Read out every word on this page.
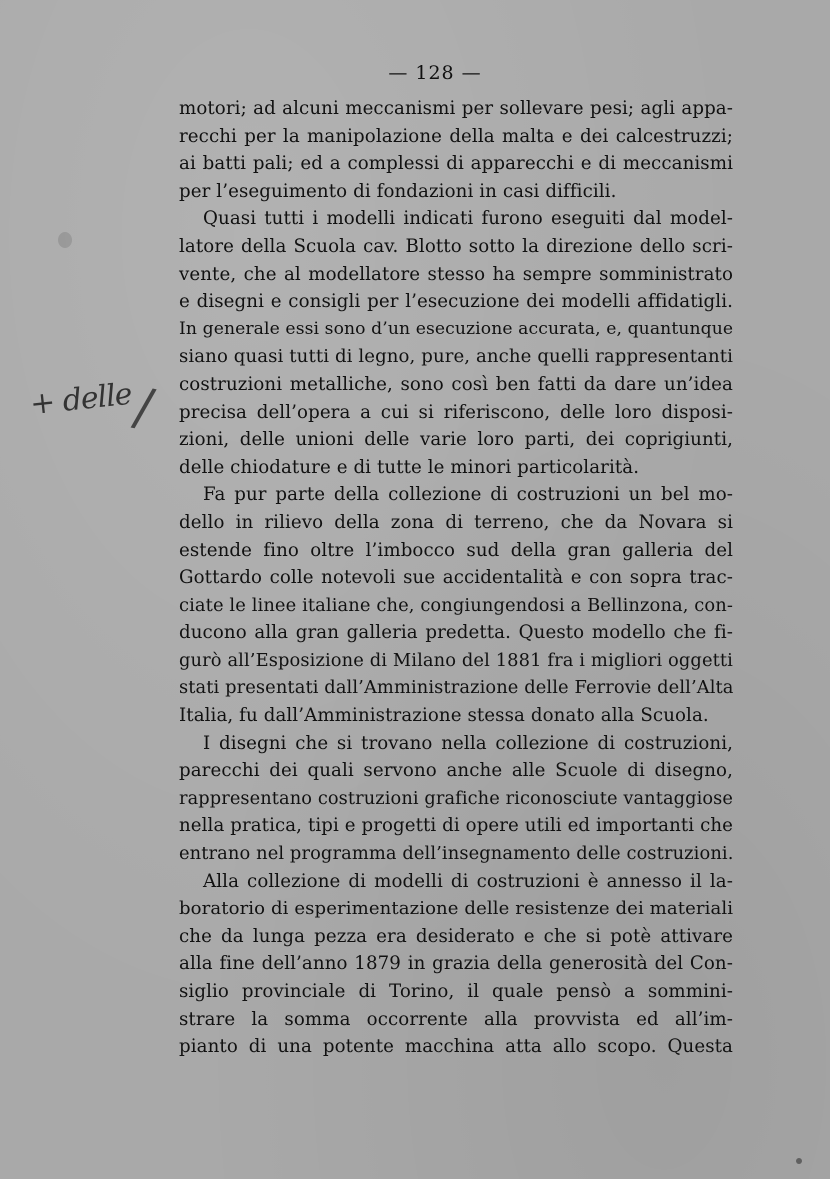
— 128 —
+ delle
/
motori; ad alcuni meccanismi per sollevare pesi; agli appa-
recchi per la manipolazione della malta e dei calcestruzzi;
ai batti pali; ed a complessi di apparecchi e di meccanismi
per l’eseguimento di fondazioni in casi difficili.
Quasi tutti i modelli indicati furono eseguiti dal model-
latore della Scuola cav. Blotto sotto la direzione dello scri-
vente, che al modellatore stesso ha sempre somministrato
e disegni e consigli per l’esecuzione dei modelli affidatigli.
In generale essi sono d’un esecuzione accurata, e, quantunque
siano quasi tutti di legno, pure, anche quelli rappresentanti
costruzioni metalliche, sono così ben fatti da dare un’idea
precisa dell’opera a cui si riferiscono, delle loro disposi-
zioni, delle unioni delle varie loro parti, dei coprigiunti,
delle chiodature e di tutte le minori particolarità.
Fa pur parte della collezione di costruzioni un bel mo-
dello in rilievo della zona di terreno, che da Novara si
estende fino oltre l’imbocco sud della gran galleria del
Gottardo colle notevoli sue accidentalità e con sopra trac-
ciate le linee italiane che, congiungendosi a Bellinzona, con-
ducono alla gran galleria predetta. Questo modello che fi-
gurò all’Esposizione di Milano del 1881 fra i migliori oggetti
stati presentati dall’Amministrazione delle Ferrovie dell’Alta
Italia, fu dall’Amministrazione stessa donato alla Scuola.
I disegni che si trovano nella collezione di costruzioni,
parecchi dei quali servono anche alle Scuole di disegno,
rappresentano costruzioni grafiche riconosciute vantaggiose
nella pratica, tipi e progetti di opere utili ed importanti che
entrano nel programma dell’insegnamento delle costruzioni.
Alla collezione di modelli di costruzioni è annesso il la-
boratorio di esperimentazione delle resistenze dei materiali
che da lunga pezza era desiderato e che si potè attivare
alla fine dell’anno 1879 in grazia della generosità del Con-
siglio provinciale di Torino, il quale pensò a sommini-
strare la somma occorrente alla provvista ed all’im-
pianto di una potente macchina atta allo scopo. Questa
